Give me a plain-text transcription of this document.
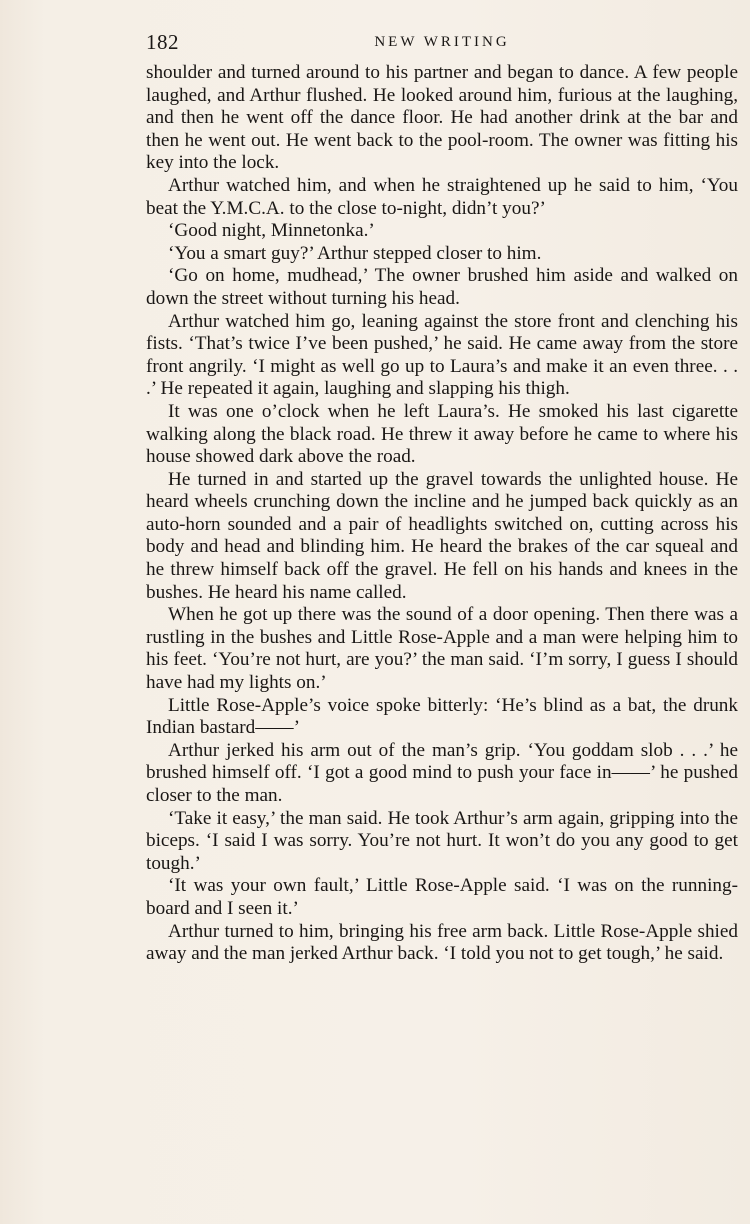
182	NEW WRITING

shoulder and turned around to his partner and began to dance. A few people laughed, and Arthur flushed. He looked around him, furious at the laughing, and then he went off the dance floor. He had another drink at the bar and then he went out. He went back to the pool-room. The owner was fitting his key into the lock.

Arthur watched him, and when he straightened up he said to him, ‘You beat the Y.M.C.A. to the close to-night, didn’t you?’

‘Good night, Minnetonka.’

‘You a smart guy?’ Arthur stepped closer to him.

‘Go on home, mudhead,’ The owner brushed him aside and walked on down the street without turning his head.

Arthur watched him go, leaning against the store front and clenching his fists. ‘That’s twice I’ve been pushed,’ he said. He came away from the store front angrily. ‘I might as well go up to Laura’s and make it an even three. . . .’ He repeated it again, laughing and slapping his thigh.

It was one o’clock when he left Laura’s. He smoked his last cigarette walking along the black road. He threw it away before he came to where his house showed dark above the road.

He turned in and started up the gravel towards the unlighted house. He heard wheels crunching down the incline and he jumped back quickly as an auto-horn sounded and a pair of headlights switched on, cutting across his body and head and blinding him. He heard the brakes of the car squeal and he threw himself back off the gravel. He fell on his hands and knees in the bushes. He heard his name called.

When he got up there was the sound of a door opening. Then there was a rustling in the bushes and Little Rose-Apple and a man were helping him to his feet. ‘You’re not hurt, are you?’ the man said. ‘I’m sorry, I guess I should have had my lights on.’

Little Rose-Apple’s voice spoke bitterly: ‘He’s blind as a bat, the drunk Indian bastard——’

Arthur jerked his arm out of the man’s grip. ‘You goddam slob . . .’ he brushed himself off. ‘I got a good mind to push your face in——’ he pushed closer to the man.

‘Take it easy,’ the man said. He took Arthur’s arm again, gripping into the biceps. ‘I said I was sorry. You’re not hurt. It won’t do you any good to get tough.’

‘It was your own fault,’ Little Rose-Apple said. ‘I was on the running-board and I seen it.’

Arthur turned to him, bringing his free arm back. Little Rose-Apple shied away and the man jerked Arthur back. ‘I told you not to get tough,’ he said.
